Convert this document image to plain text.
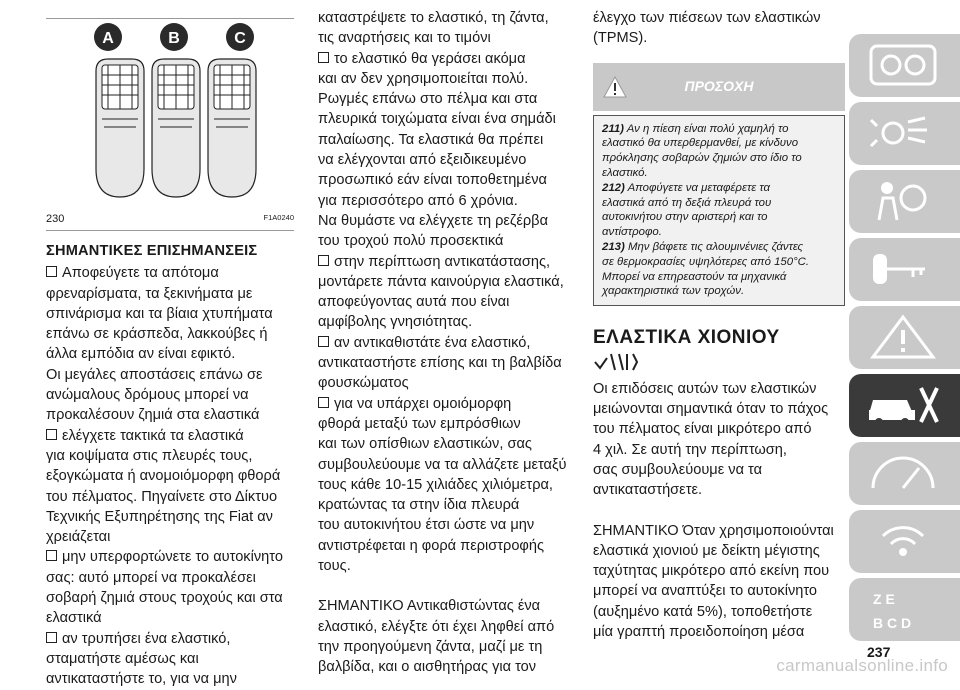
A	B	C
230	F1A0240
ΣΗΜΑΝΤΙΚΕΣ ΕΠΙΣΗΜΑΝΣΕΙΣ

Αποφεύγετε τα απότομα
φρεναρίσματα, τα ξεκινήματα με
σπινάρισμα και τα βίαια χτυπήματα
επάνω σε κράσπεδα, λακκούβες ή
άλλα εμπόδια αν είναι εφικτό.

Οι μεγάλες αποστάσεις επάνω σε
ανώμαλους δρόμους μπορεί να
προκαλέσουν ζημιά στα ελαστικά

ελέγχετε τακτικά τα ελαστικά
για κοψίματα στις πλευρές τους,
εξογκώματα ή ανομοιόμορφη φθορά
του πέλματος. Πηγαίνετε στο Δίκτυο
Τεχνικής Εξυπηρέτησης της Fiat αν
χρειάζεται

μην υπερφορτώνετε το αυτοκίνητο
σας: αυτό μπορεί να προκαλέσει
σοβαρή ζημιά στους τροχούς και στα
ελαστικά

αν τρυπήσει ένα ελαστικό,
σταματήστε αμέσως και
αντικαταστήστε το, για να μην

καταστρέψετε το ελαστικό, τη ζάντα,
τις αναρτήσεις και το τιμόνι

το ελαστικό θα γεράσει ακόμα
και αν δεν χρησιμοποιείται πολύ.
Ρωγμές επάνω στο πέλμα και στα
πλευρικά τοιχώματα είναι ένα σημάδι
παλαίωσης. Τα ελαστικά θα πρέπει
να ελέγχονται από εξειδικευμένο
προσωπικό εάν είναι τοποθετημένα
για περισσότερο από 6 χρόνια.
Να θυμάστε να ελέγχετε τη ρεζέρβα
του τροχού πολύ προσεκτικά

στην περίπτωση αντικατάστασης,
μοντάρετε πάντα καινούργια ελαστικά,
αποφεύγοντας αυτά που είναι
αμφίβολης γνησιότητας.

αν αντικαθιστάτε ένα ελαστικό,
αντικαταστήστε επίσης και τη βαλβίδα
φουσκώματος

για να υπάρχει ομοιόμορφη
φθορά μεταξύ των εμπρόσθιων
και των οπίσθιων ελαστικών, σας
συμβουλεύουμε να τα αλλάζετε μεταξύ
τους κάθε 10-15 χιλιάδες χιλιόμετρα,
κρατώντας τα στην ίδια πλευρά
του αυτοκινήτου έτσι ώστε να μην
αντιστρέφεται η φορά περιστροφής
τους.

ΣΗΜΑΝΤΙΚΟ Αντικαθιστώντας ένα
ελαστικό, ελέγξτε ότι έχει ληφθεί από
την προηγούμενη ζάντα, μαζί με τη
βαλβίδα, και ο αισθητήρας για τον

έλεγχο των πιέσεων των ελαστικών
(TPMS).

ΠΡΟΣΟΧΗ

211) Αν η πίεση είναι πολύ χαμηλή το
ελαστικό θα υπερθερμανθεί, με κίνδυνο
πρόκλησης σοβαρών ζημιών στο ίδιο το
ελαστικό.

212) Αποφύγετε να μεταφέρετε τα
ελαστικά από τη δεξιά πλευρά του
αυτοκινήτου στην αριστερή και το
αντίστροφο.

213) Μην βάφετε τις αλουμινένιες ζάντες
σε θερμοκρασίες υψηλότερες από 150°C.
Μπορεί να επηρεαστούν τα μηχανικά
χαρακτηριστικά των τροχών.

ΕΛΑΣΤΙΚΑ ΧΙΟΝΙΟΥ

Οι επιδόσεις αυτών των ελαστικών
μειώνονται σημαντικά όταν το πάχος
του πέλματος είναι μικρότερο από
4 χιλ. Σε αυτή την περίπτωση,
σας συμβουλεύουμε να τα
αντικαταστήσετε.

ΣΗΜΑΝΤΙΚΟ Όταν χρησιμοποιούνται
ελαστικά χιονιού με δείκτη μέγιστης
ταχύτητας μικρότερο από εκείνη που
μπορεί να αναπτύξει το αυτοκίνητο
(αυξημένο κατά 5%), τοποθετήστε
μία γραπτή προειδοποίηση μέσα

Z E
B C D
237
carmanualsonline.info
